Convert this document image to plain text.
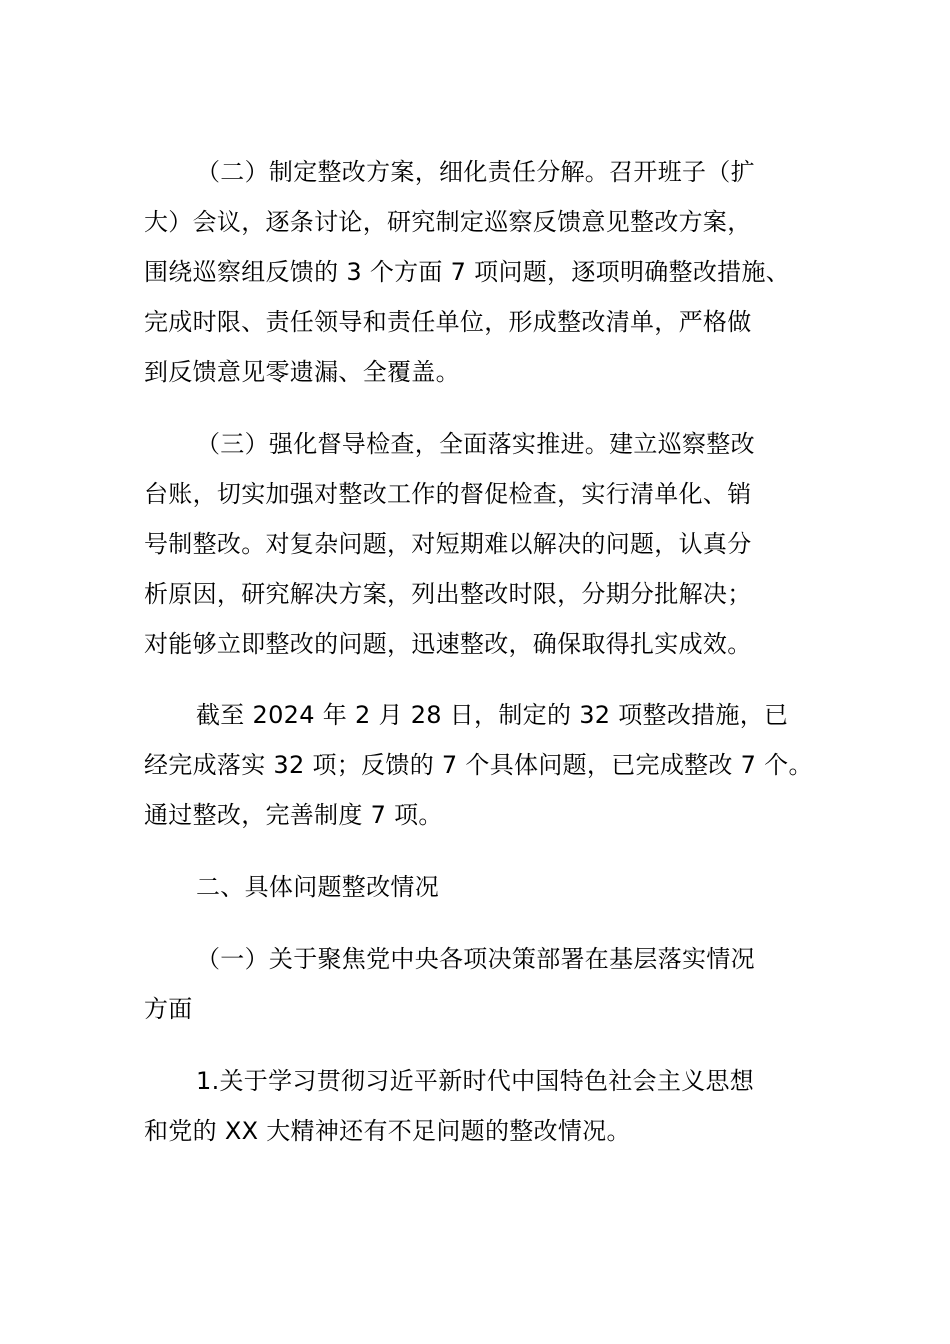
（二）制定整改方案，细化责任分解。召开班子（扩
大）会议，逐条讨论，研究制定巡察反馈意见整改方案，
围绕巡察组反馈的 3 个方面 7 项问题，逐项明确整改措施、
完成时限、责任领导和责任单位，形成整改清单，严格做
到反馈意见零遗漏、全覆盖。
（三）强化督导检查，全面落实推进。建立巡察整改
台账，切实加强对整改工作的督促检查，实行清单化、销
号制整改。对复杂问题，对短期难以解决的问题，认真分
析原因，研究解决方案，列出整改时限，分期分批解决；
对能够立即整改的问题，迅速整改，确保取得扎实成效。
截至 2024 年 2 月 28 日，制定的 32 项整改措施，已
经完成落实 32 项；反馈的 7 个具体问题，已完成整改 7 个。
通过整改，完善制度 7 项。
二、具体问题整改情况
（一）关于聚焦党中央各项决策部署在基层落实情况
方面
1.关于学习贯彻习近平新时代中国特色社会主义思想
和党的 XX 大精神还有不足问题的整改情况。
